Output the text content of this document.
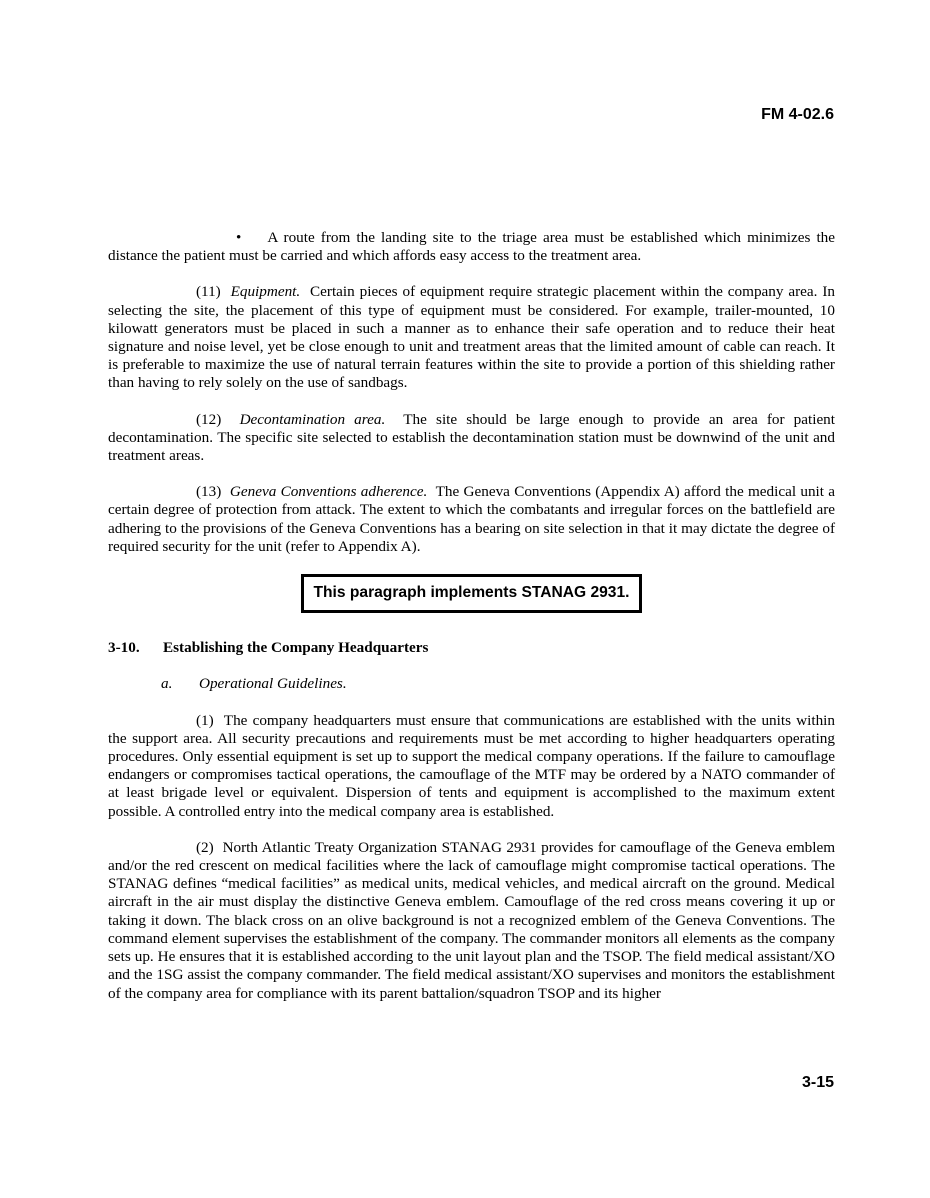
FM 4-02.6

• A route from the landing site to the triage area must be established which minimizes the distance the patient must be carried and which affords easy access to the treatment area.

(11) Equipment. Certain pieces of equipment require strategic placement within the company area. In selecting the site, the placement of this type of equipment must be considered. For example, trailer-mounted, 10 kilowatt generators must be placed in such a manner as to enhance their safe operation and to reduce their heat signature and noise level, yet be close enough to unit and treatment areas that the limited amount of cable can reach. It is preferable to maximize the use of natural terrain features within the site to provide a portion of this shielding rather than having to rely solely on the use of sandbags.

(12) Decontamination area. The site should be large enough to provide an area for patient decontamination. The specific site selected to establish the decontamination station must be downwind of the unit and treatment areas.

(13) Geneva Conventions adherence. The Geneva Conventions (Appendix A) afford the medical unit a certain degree of protection from attack. The extent to which the combatants and irregular forces on the battlefield are adhering to the provisions of the Geneva Conventions has a bearing on site selection in that it may dictate the degree of required security for the unit (refer to Appendix A).

This paragraph implements STANAG 2931.

3-10. Establishing the Company Headquarters

a. Operational Guidelines.

(1) The company headquarters must ensure that communications are established with the units within the support area. All security precautions and requirements must be met according to higher headquarters operating procedures. Only essential equipment is set up to support the medical company operations. If the failure to camouflage endangers or compromises tactical operations, the camouflage of the MTF may be ordered by a NATO commander of at least brigade level or equivalent. Dispersion of tents and equipment is accomplished to the maximum extent possible. A controlled entry into the medical company area is established.

(2) North Atlantic Treaty Organization STANAG 2931 provides for camouflage of the Geneva emblem and/or the red crescent on medical facilities where the lack of camouflage might compromise tactical operations. The STANAG defines “medical facilities” as medical units, medical vehicles, and medical aircraft on the ground. Medical aircraft in the air must display the distinctive Geneva emblem. Camouflage of the red cross means covering it up or taking it down. The black cross on an olive background is not a recognized emblem of the Geneva Conventions. The command element supervises the establishment of the company. The commander monitors all elements as the company sets up. He ensures that it is established according to the unit layout plan and the TSOP. The field medical assistant/XO and the 1SG assist the company commander. The field medical assistant/XO supervises and monitors the establishment of the company area for compliance with its parent battalion/squadron TSOP and its higher

3-15
